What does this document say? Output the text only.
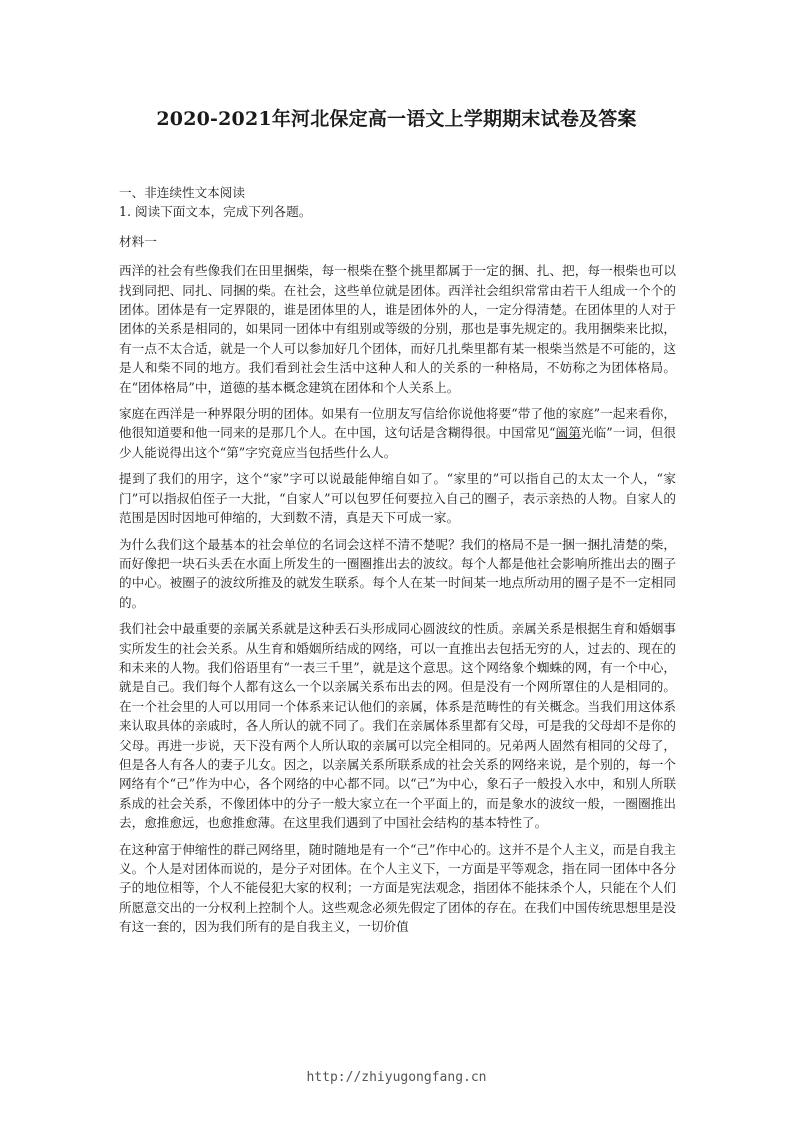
2020-2021年河北保定高一语文上学期期末试卷及答案

一、非连续性文本阅读

1. 阅读下面文本，完成下列各题。

材料一

西洋的社会有些像我们在田里捆柴，每一根柴在整个挑里都属于一定的捆、扎、把，每一根柴也可以找到同把、同扎、同捆的柴。在社会，这些单位就是团体。西洋社会组织常常由若干人组成一个个的团体。团体是有一定界限的，谁是团体里的人，谁是团体外的人，一定分得清楚。在团体里的人对于团体的关系是相同的，如果同一团体中有组别或等级的分别，那也是事先规定的。我用捆柴来比拟，有一点不太合适，就是一个人可以参加好几个团体，而好几扎柴里都有某一根柴当然是不可能的，这是人和柴不同的地方。我们看到社会生活中这种人和人的关系的一种格局，不妨称之为团体格局。在“团体格局”中，道德的基本概念建筑在团体和个人关系上。

家庭在西洋是一种界限分明的团体。如果有一位朋友写信给你说他将要“带了他的家庭”一起来看你，他很知道要和他一同来的是那几个人。在中国，这句话是含糊得很。中国常见“阖第光临”一词，但很少人能说得出这个“第”字究竟应当包括些什么人。

提到了我们的用字，这个“家”字可以说最能伸缩自如了。“家里的”可以指自己的太太一个人，“家门”可以指叔伯侄子一大批，“自家人”可以包罗任何要拉入自己的圈子，表示亲热的人物。自家人的范围是因时因地可伸缩的，大到数不清，真是天下可成一家。

为什么我们这个最基本的社会单位的名词会这样不清不楚呢？我们的格局不是一捆一捆扎清楚的柴，而好像把一块石头丢在水面上所发生的一圈圈推出去的波纹。每个人都是他社会影响所推出去的圈子的中心。被圈子的波纹所推及的就发生联系。每个人在某一时间某一地点所动用的圈子是不一定相同的。

我们社会中最重要的亲属关系就是这种丢石头形成同心圆波纹的性质。亲属关系是根据生育和婚姻事实所发生的社会关系。从生育和婚姻所结成的网络，可以一直推出去包括无穷的人，过去的、现在的和未来的人物。我们俗语里有“一表三千里”，就是这个意思。这个网络象个蜘蛛的网，有一个中心，就是自己。我们每个人都有这么一个以亲属关系布出去的网。但是没有一个网所罩住的人是相同的。在一个社会里的人可以用同一个体系来记认他们的亲属，体系是范畴性的有关概念。当我们用这体系来认取具体的亲戚时，各人所认的就不同了。我们在亲属体系里都有父母，可是我的父母却不是你的父母。再进一步说，天下没有两个人所认取的亲属可以完全相同的。兄弟两人固然有相同的父母了，但是各人有各人的妻子儿女。因之，以亲属关系所联系成的社会关系的网络来说，是个别的，每一个网络有个“己”作为中心，各个网络的中心都不同。以“己”为中心，象石子一般投入水中，和别人所联系成的社会关系，不像团体中的分子一般大家立在一个平面上的，而是象水的波纹一般，一圈圈推出去，愈推愈远，也愈推愈薄。在这里我们遇到了中国社会结构的基本特性了。

在这种富于伸缩性的群己网络里，随时随地是有一个“己”作中心的。这并不是个人主义，而是自我主义。个人是对团体而说的，是分子对团体。在个人主义下，一方面是平等观念，指在同一团体中各分子的地位相等，个人不能侵犯大家的权利；一方面是宪法观念，指团体不能抹杀个人，只能在个人们所愿意交出的一分权利上控制个人。这些观念必须先假定了团体的存在。在我们中国传统思想里是没有这一套的，因为我们所有的是自我主义，一切价值

http://zhiyugongfang.cn
